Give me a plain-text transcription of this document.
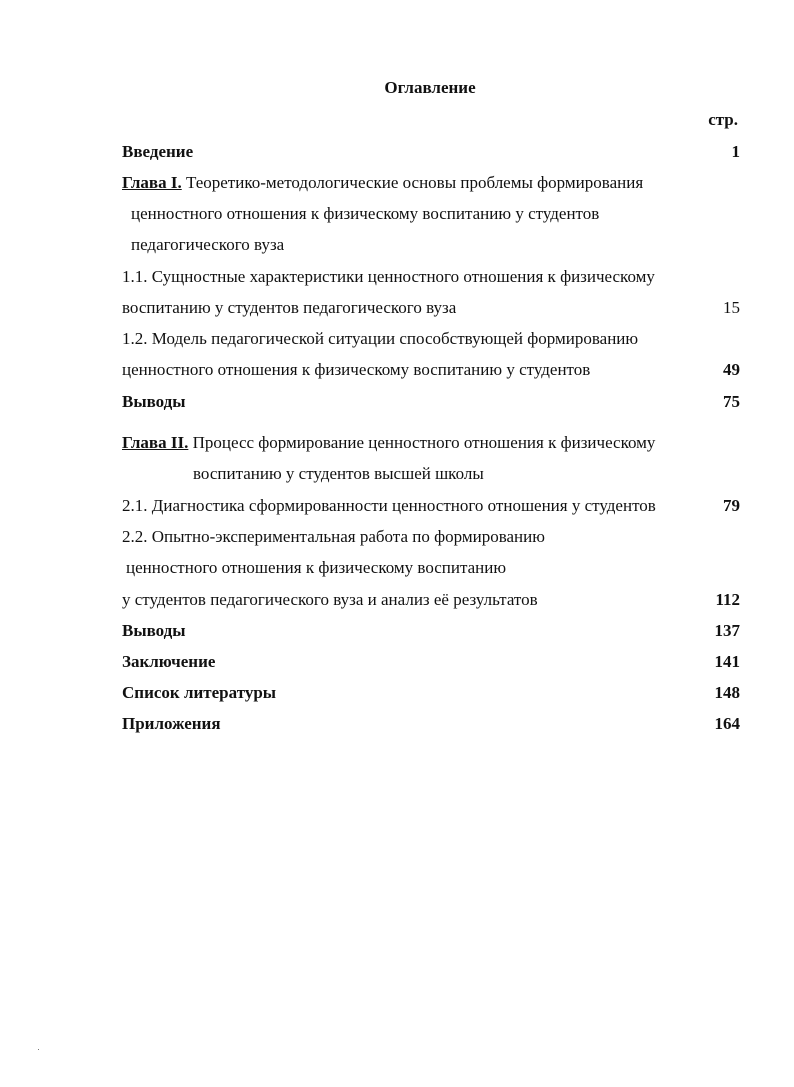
Оглавление
стр.
Введение	1
Глава I. Теоретико-методологические основы проблемы формирования
ценностного отношения к физическому воспитанию у студентов
педагогического вуза
1.1. Сущностные характеристики ценностного отношения к физическому
воспитанию у студентов педагогического вуза	15
1.2. Модель педагогической ситуации способствующей формированию
ценностного отношения к физическому воспитанию у студентов	49
Выводы	75
Глава II. Процесс формирование ценностного отношения к физическому
воспитанию у студентов высшей школы
2.1. Диагностика сформированности ценностного отношения у студентов	79
2.2. Опытно-экспериментальная работа по формированию
ценностного отношения к физическому воспитанию
у студентов педагогического вуза и анализ её результатов	112
Выводы	137
Заключение	141
Список литературы	148
Приложения	164
